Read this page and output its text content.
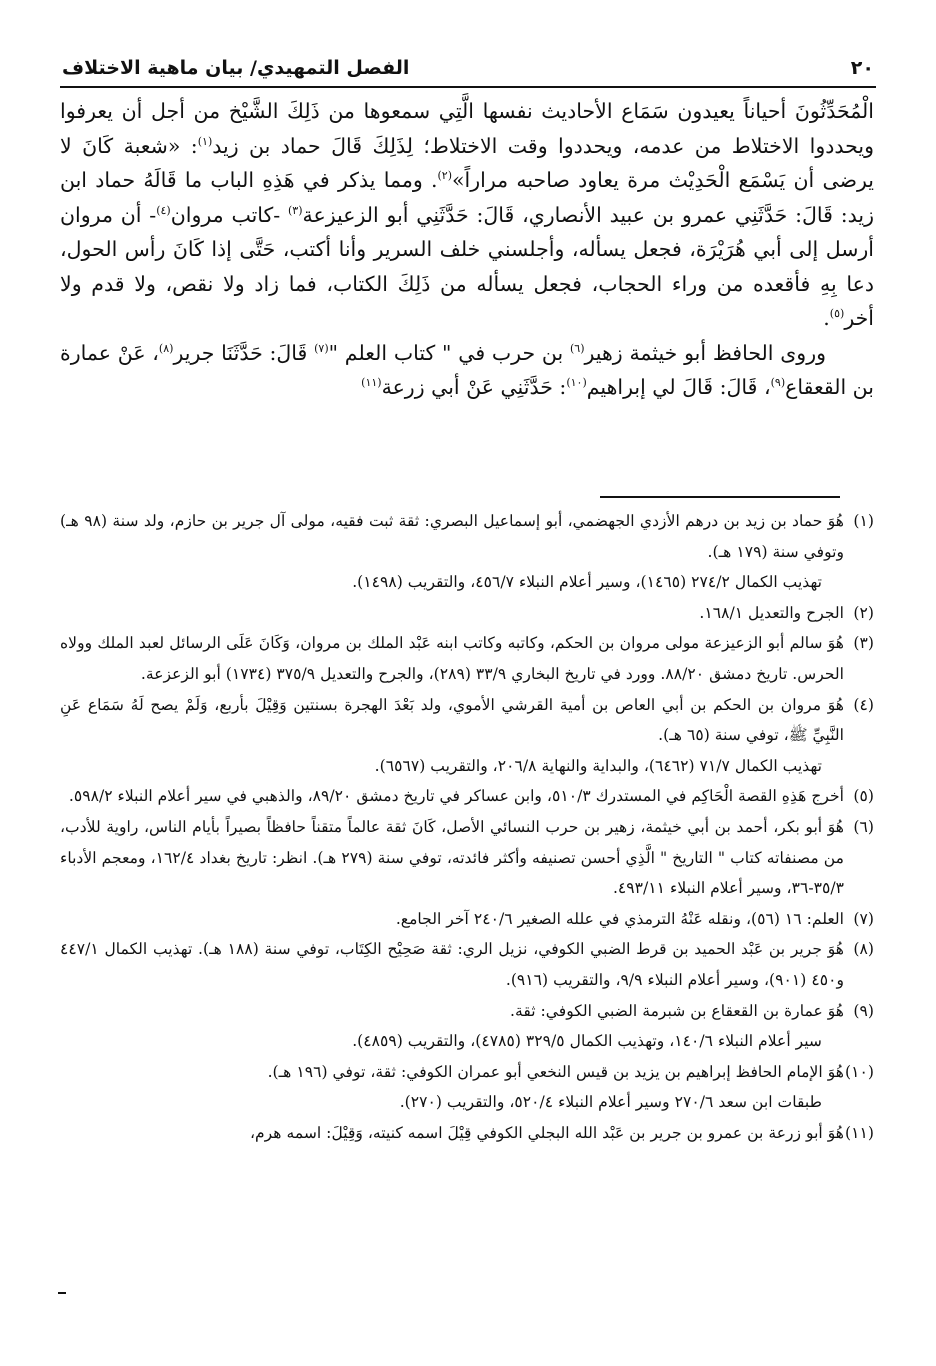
٢٠
الفصل التمهيدي/ بيان ماهية الاختلاف

الْمُحَدِّثُونَ أحياناً يعيدون سَمَاع الأحاديث نفسها الَّتِي سمعوها من ذَلِكَ الشَّيْخ من أجل أن يعرفوا ويحددوا الاختلاط من عدمه، ويحددوا وقت الاختلاط؛ لِذَلِكَ قَالَ حماد بن زيد$^{(١)}$: «شعبة كَانَ لا يرضى أن يَسْمَع الْحَدِيْث مرة يعاود صاحبه مراراً»$^{(٢)}$. ومما يذكر في هَذِهِ الباب ما قَالَهُ حماد ابن زيد: قَالَ: حَدَّثَنِي عمرو بن عبيد الأنصاري، قَالَ: حَدَّثَنِي أبو الزعيزعة$^{(٣)}$ -كاتب مروان$^{(٤)}$- أن مروان أرسل إلى أبي هُرَيْرَة، فجعل يسأله، وأجلسني خلف السرير وأنا أكتب، حَتَّى إذا كَانَ رأس الحول، دعا بِهِ فأقعده من وراء الحجاب، فجعل يسأله من ذَلِكَ الكتاب، فما زاد ولا نقص، ولا قدم ولا أخر$^{(٥)}$.

وروى الحافظ أبو خيثمة زهير$^{(٦)}$ بن حرب في " كتاب العلم "$^{(٧)}$ قَالَ: حَدَّثَنَا جرير$^{(٨)}$، عَنْ عمارة بن القعقاع$^{(٩)}$، قَالَ: قَالَ لي إبراهيم$^{(١٠)}$: حَدَّثَنِي عَنْ أبي زرعة$^{(١١)}$

(١)
هُوَ حماد بن زيد بن درهم الأزدي الجهضمي، أبو إسماعيل البصري: ثقة ثبت فقيه، مولى آل جرير بن حازم، ولد سنة (٩٨ هـ) وتوفي سنة (١٧٩ هـ).
تهذيب الكمال ٢٧٤/٢ (١٤٦٥)، وسير أعلام النبلاء ٤٥٦/٧، والتقريب (١٤٩٨).
(٢)
الجرح والتعديل ١٦٨/١.
(٣)
هُوَ سالم أبو الزعيزعة مولى مروان بن الحكم، وكاتبه وكاتب ابنه عَبْد الملك بن مروان، وَكَانَ عَلَى الرسائل لعبد الملك وولاه الحرس. تاريخ دمشق ٨٨/٢٠. وورد في تاريخ البخاري ٣٣/٩ (٢٨٩)، والجرح والتعديل ٣٧٥/٩ (١٧٣٤) أبو الزعزعة.
(٤)
هُوَ مروان بن الحكم بن أبي العاص بن أمية القرشي الأموي، ولد بَعْدَ الهجرة بسنتين وَقِيْلَ بأربع، وَلَمْ يصح لَهُ سَمَاع عَنِ النَّبِيِّ ﷺ، توفي سنة (٦٥ هـ).
تهذيب الكمال ٧١/٧ (٦٤٦٢)، والبداية والنهاية ٢٠٦/٨، والتقريب (٦٥٦٧).
(٥)
أخرج هَذِهِ القصة الْحَاكِم في المستدرك ٥١٠/٣، وابن عساكر في تاريخ دمشق ٨٩/٢٠، والذهبي في سير أعلام النبلاء ٥٩٨/٢.
(٦)
هُوَ أبو بكر، أحمد بن أبي خيثمة، زهير بن حرب النسائي الأصل، كَانَ ثقة عالماً متقناً حافظاً بصيراً بأيام الناس، راوية للأدب، من مصنفاته كتاب " التاريخ " الَّذِي أحسن تصنيفه وأكثر فائدته، توفي سنة (٢٧٩ هـ). انظر: تاريخ بغداد ١٦٢/٤، ومعجم الأدباء ٣٥/٣-٣٦، وسير أعلام النبلاء ٤٩٣/١١.
(٧)
العلم: ١٦ (٥٦)، ونقله عَنْهُ الترمذي في علله الصغير ٢٤٠/٦ آخر الجامع.
(٨)
هُوَ جرير بن عَبْد الحميد بن قرط الضبي الكوفي، نزيل الري: ثقة صَحِيْح الكِتَاب، توفي سنة (١٨٨ هـ). تهذيب الكمال ٤٤٧/١ و٤٥٠ (٩٠١)، وسير أعلام النبلاء ٩/٩، والتقريب (٩١٦).
(٩)
هُوَ عمارة بن القعقاع بن شبرمة الضبي الكوفي: ثقة.
سير أعلام النبلاء ١٤٠/٦، وتهذيب الكمال ٣٢٩/٥ (٤٧٨٥)، والتقريب (٤٨٥٩).
(١٠)
هُوَ الإمام الحافظ إبراهيم بن يزيد بن قيس النخعي أبو عمران الكوفي: ثقة، توفي (١٩٦ هـ).
طبقات ابن سعد ٢٧٠/٦ وسير أعلام النبلاء ٥٢٠/٤، والتقريب (٢٧٠).
(١١)
هُوَ أبو زرعة بن عمرو بن جرير بن عَبْد الله البجلي الكوفي قِيْلَ اسمه كنيته، وَقِيْلَ: اسمه هرم،
